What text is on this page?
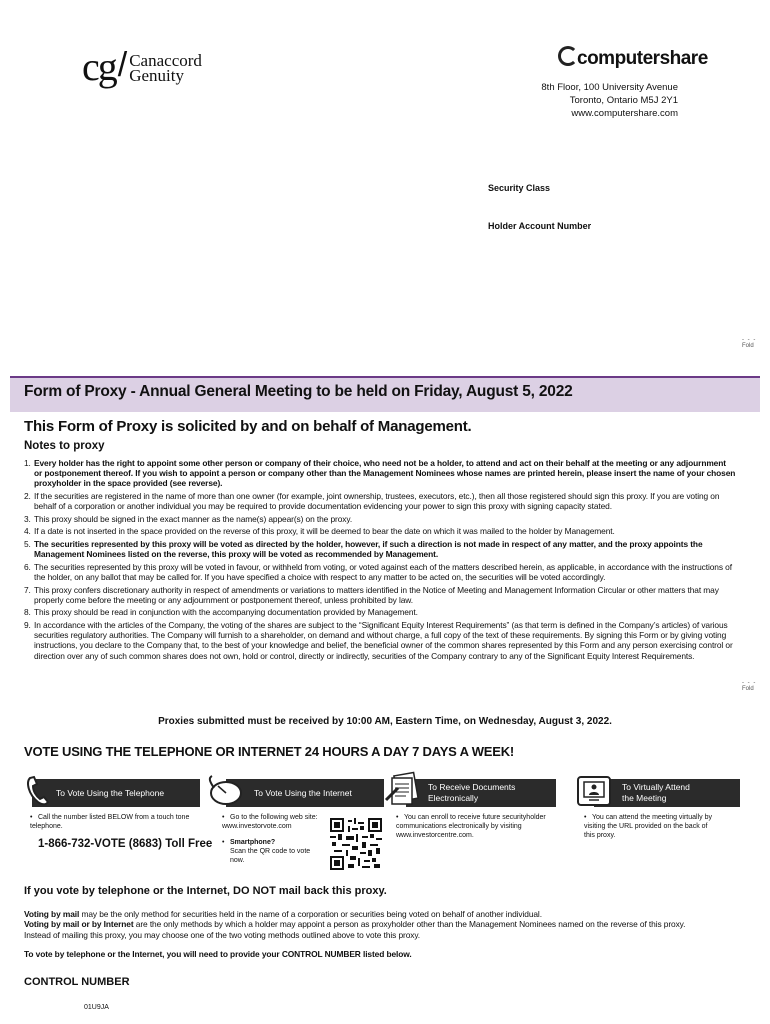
cg / Canaccord
Genuity
computershare
8th Floor, 100 University Avenue
Toronto, Ontario M5J 2Y1
www.computershare.com
Security Class
Holder Account Number
- - -
Fold
Form of Proxy - Annual General Meeting to be held on Friday, August 5, 2022
This Form of Proxy is solicited by and on behalf of Management.
Notes to proxy
1. Every holder has the right to appoint some other person or company of their choice, who need not be a holder, to attend and act on their behalf at the meeting or any adjournment or postponement thereof. If you wish to appoint a person or company other than the Management Nominees whose names are printed herein, please insert the name of your chosen proxyholder in the space provided (see reverse).
2. If the securities are registered in the name of more than one owner (for example, joint ownership, trustees, executors, etc.), then all those registered should sign this proxy. If you are voting on behalf of a corporation or another individual you may be required to provide documentation evidencing your power to sign this proxy with signing capacity stated.
3. This proxy should be signed in the exact manner as the name(s) appear(s) on the proxy.
4. If a date is not inserted in the space provided on the reverse of this proxy, it will be deemed to bear the date on which it was mailed to the holder by Management.
5. The securities represented by this proxy will be voted as directed by the holder, however, if such a direction is not made in respect of any matter, and the proxy appoints the Management Nominees listed on the reverse, this proxy will be voted as recommended by Management.
6. The securities represented by this proxy will be voted in favour, or withheld from voting, or voted against each of the matters described herein, as applicable, in accordance with the instructions of the holder, on any ballot that may be called for. If you have specified a choice with respect to any matter to be acted on, the securities will be voted accordingly.
7. This proxy confers discretionary authority in respect of amendments or variations to matters identified in the Notice of Meeting and Management Information Circular or other matters that may properly come before the meeting or any adjournment or postponement thereof, unless prohibited by law.
8. This proxy should be read in conjunction with the accompanying documentation provided by Management.
9. In accordance with the articles of the Company, the voting of the shares are subject to the “Significant Equity Interest Requirements” (as that term is defined in the Company’s articles) of various securities regulatory authorities. The Company will furnish to a shareholder, on demand and without charge, a full copy of the text of these requirements. By signing this Form or by giving voting instructions, you declare to the Company that, to the best of your knowledge and belief, the beneficial owner of the common shares represented by this Form and any person exercising control or direction over any of such common shares does not own, hold or control, directly or indirectly, securities of the Company contrary to any of the Significant Equity Interest Requirements.
- - -
Fold
Proxies submitted must be received by 10:00 AM, Eastern Time, on Wednesday, August 3, 2022.
VOTE USING THE TELEPHONE OR INTERNET 24 HOURS A DAY 7 DAYS A WEEK!
To Vote Using the Telephone
• Call the number listed BELOW from a touch tone telephone.
1-866-732-VOTE (8683) Toll Free
To Vote Using the Internet
• Go to the following web site: www.investorvote.com
• Smartphone?
Scan the QR code to vote now.
To Receive Documents
Electronically
• You can enroll to receive future securityholder communications electronically by visiting www.investorcentre.com.
To Virtually Attend
the Meeting
• You can attend the meeting virtually by visiting the URL provided on the back of this proxy.
If you vote by telephone or the Internet, DO NOT mail back this proxy.
Voting by mail may be the only method for securities held in the name of a corporation or securities being voted on behalf of another individual.
Voting by mail or by Internet are the only methods by which a holder may appoint a person as proxyholder other than the Management Nominees named on the reverse of this proxy.
Instead of mailing this proxy, you may choose one of the two voting methods outlined above to vote this proxy.
To vote by telephone or the Internet, you will need to provide your CONTROL NUMBER listed below.
CONTROL NUMBER
01U9JA
